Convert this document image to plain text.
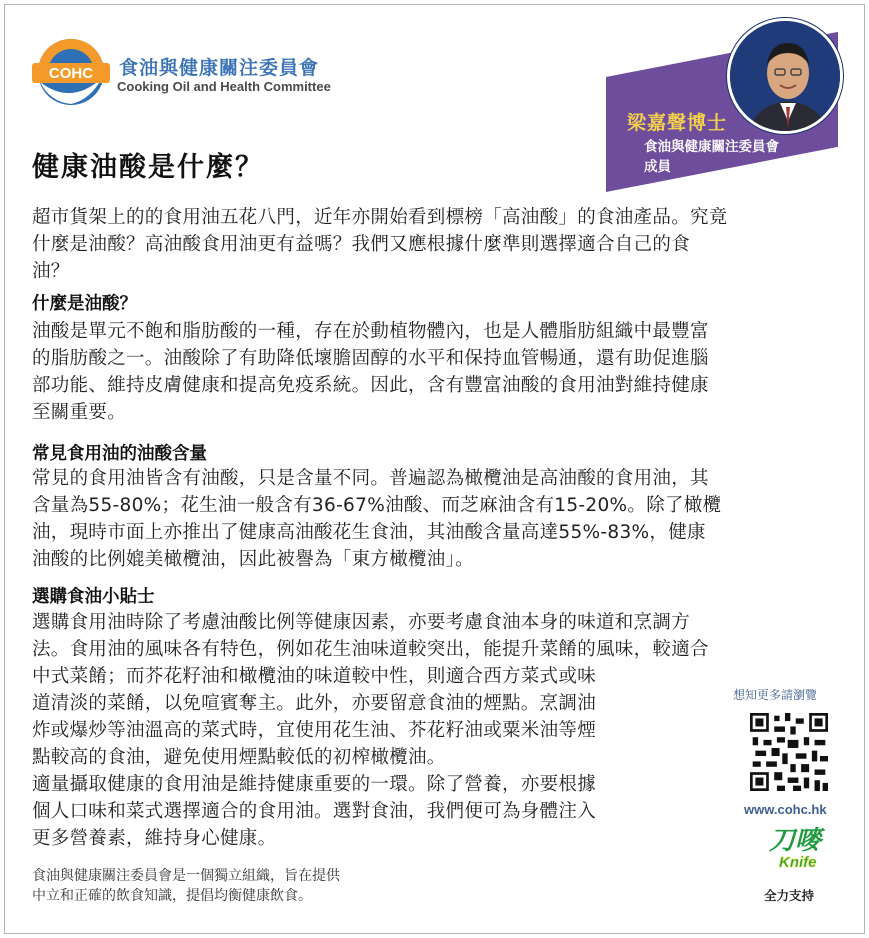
COHC 食油與健康關注委員會
Cooking Oil and Health Committee
梁嘉聲博士
食油與健康關注委員會
成員
健康油酸是什麼？
超市貨架上的的食用油五花八門，近年亦開始看到標榜「高油酸」的食油產品。究竟
什麼是油酸？高油酸食用油更有益嗎？我們又應根據什麼準則選擇適合自己的食
油？
什麼是油酸？
油酸是單元不飽和脂肪酸的一種，存在於動植物體內，也是人體脂肪組織中最豐富
的脂肪酸之一。油酸除了有助降低壞膽固醇的水平和保持血管暢通，還有助促進腦
部功能、維持皮膚健康和提高免疫系統。因此，含有豐富油酸的食用油對維持健康
至關重要。
常見食用油的油酸含量
常見的食用油皆含有油酸，只是含量不同。普遍認為橄欖油是高油酸的食用油，其
含量為55-80%；花生油一般含有36-67%油酸、而芝麻油含有15-20%。除了橄欖
油，現時市面上亦推出了健康高油酸花生食油，其油酸含量高達55%-83%，健康
油酸的比例媲美橄欖油，因此被譽為「東方橄欖油」。
選購食油小貼士
選購食用油時除了考慮油酸比例等健康因素，亦要考慮食油本身的味道和烹調方
法。食用油的風味各有特色，例如花生油味道較突出，能提升菜餚的風味，較適合
中式菜餚；而芥花籽油和橄欖油的味道較中性，則適合西方菜式或味
道清淡的菜餚，以免喧賓奪主。此外，亦要留意食油的煙點。烹調油
炸或爆炒等油溫高的菜式時，宜使用花生油、芥花籽油或粟米油等煙
點較高的食油，避免使用煙點較低的初榨橄欖油。
適量攝取健康的食用油是維持健康重要的一環。除了營養，亦要根據
個人口味和菜式選擇適合的食用油。選對食油，我們便可為身體注入
更多營養素，維持身心健康。
想知更多請瀏覽
www.cohc.hk
刀嘜
Knife
全力支持
食油與健康關注委員會是一個獨立組織，旨在提供
中立和正確的飲食知識，提倡均衡健康飲食。
